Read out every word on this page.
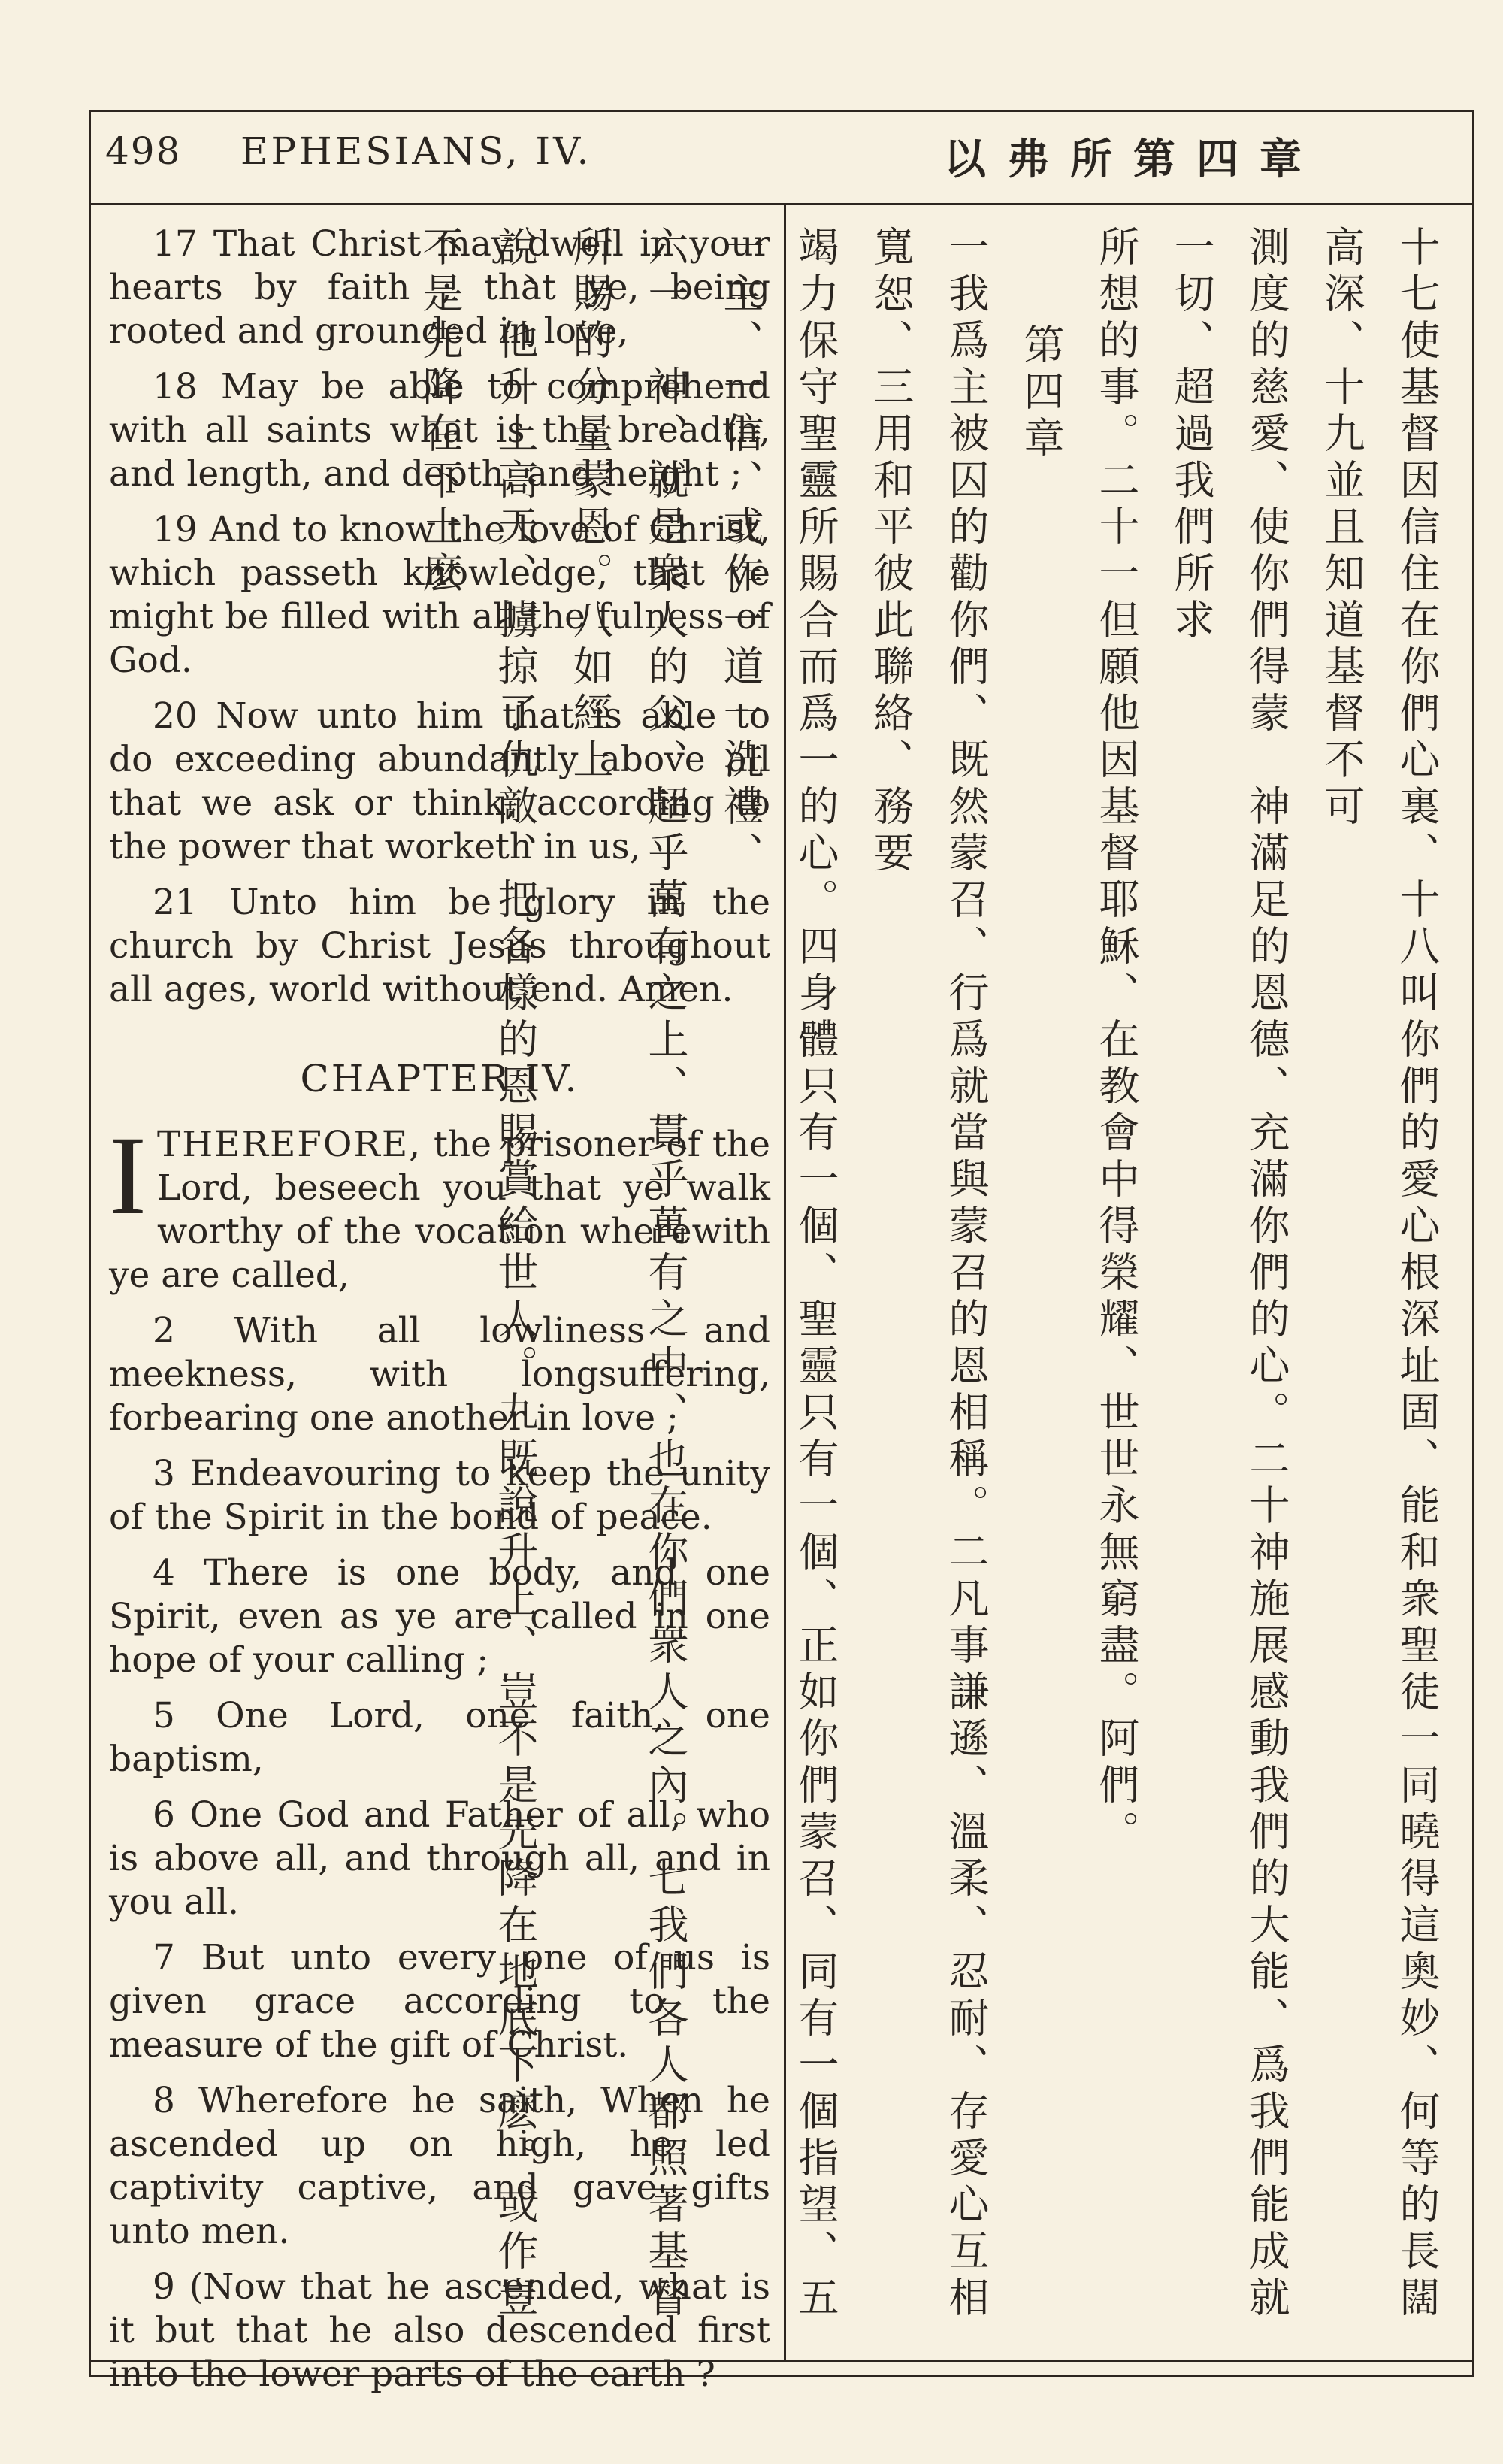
498 EPHESIANS, IV.	以弗所第四章

17 That Christ may dwell in your hearts by faith ; that ye, being rooted and grounded in love,

18 May be able to comprehend with all saints what is the breadth, and length, and depth, and height ;

19 And to know the love of Christ, which passeth knowledge, that ye might be filled with all the fulness of God.

20 Now unto him that is able to do exceeding abundantly above all that we ask or think, according to the power that worketh in us,

21 Unto him be glory in the church by Christ Jesus throughout all ages, world without end. Amen.

CHAPTER IV.

ITHEREFORE, the prisoner of the Lord, beseech you that ye walk worthy of the vocation wherewith ye are called,

2 With all lowliness and meekness, with longsuffering, forbearing one another in love ;

3 Endeavouring to keep the unity of the Spirit in the bond of peace.

4 There is one body, and one Spirit, even as ye are called in one hope of your calling ;

5 One Lord, one faith, one baptism,

6 One God and Father of all, who is above all, and through all, and in you all.

7 But unto every one of us is given grace according to the measure of the gift of Christ.

8 Wherefore he saith, When he ascended up on high, he led captivity captive, and gave gifts unto men.

9 (Now that he ascended, what is it but that he also descended first into the lower parts of the earth ?

十七使基督因信住在你們心裏、十八叫你們的愛心根深址固、能和衆聖徒一同曉得這奧妙、何等的長闊高深、十九並且知道基督不可

測度的慈愛、使你們得蒙　神滿足的恩德、充滿你們的心。二十神施展感動我們的大能、爲我們能成就一切、超過我們所求

所想的事。二十一但願他因基督耶穌、在教會中得榮耀、世世永無窮盡。阿們。

第四章

一我爲主被囚的勸你們、既然蒙召、行爲就當與蒙召的恩相稱。二凡事謙遜、溫柔、忍耐、存愛心互相寬恕、三用和平彼此聯絡、務要

竭力保守聖靈所賜合而爲一的心。四身體只有一個、聖靈只有一個、正如你們蒙召、同有一個指望、五一主、一信、或作一道一洗禮、

六一　神、就是衆人的父、超乎萬有之上、貫乎萬有之中、也在你們衆人之內。七我們各人都照著基督所賜的分量蒙恩。八如經上

說、他升上高天、擄掠了仇敵、把各樣的恩賜賞給世人。九既說升上、豈不是先降在地底下麽。或作豈不是先降在下土麽
